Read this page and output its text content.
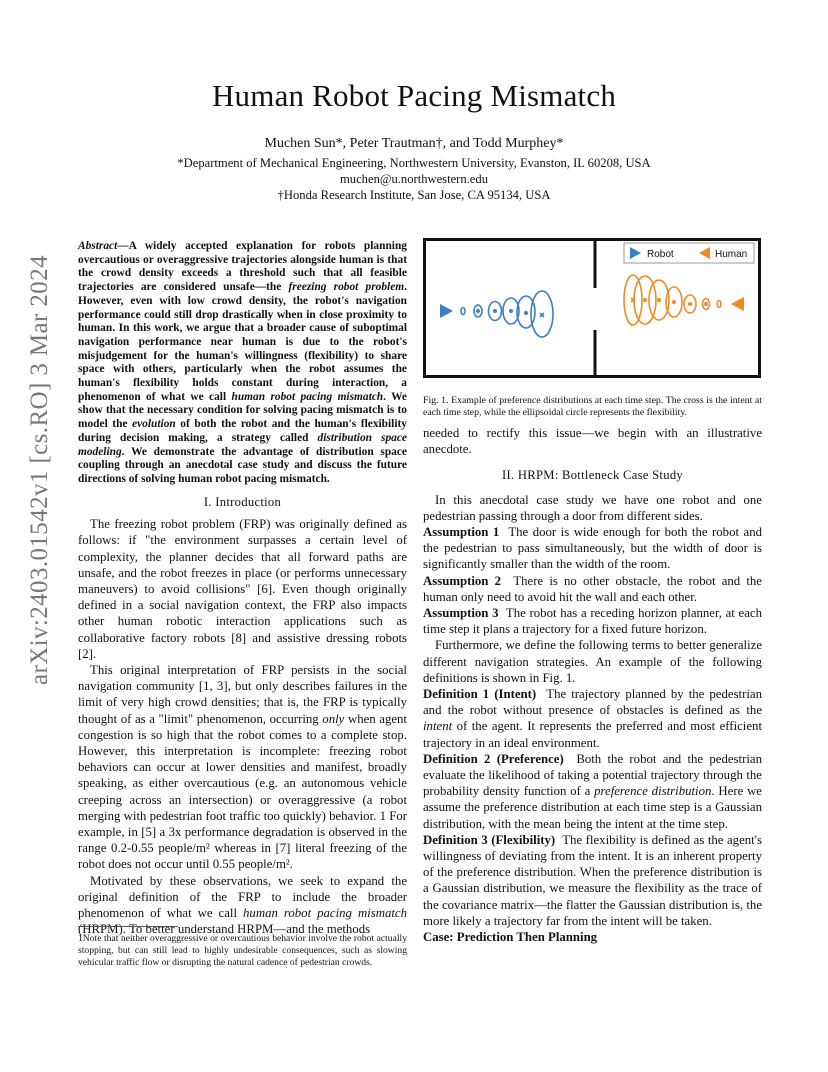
arXiv:2403.01542v1 [cs.RO] 3 Mar 2024
Human Robot Pacing Mismatch
Muchen Sun*, Peter Trautman†, and Todd Murphey*
*Department of Mechanical Engineering, Northwestern University, Evanston, IL 60208, USA
muchen@u.northwestern.edu
†Honda Research Institute, San Jose, CA 95134, USA
Abstract—A widely accepted explanation for robots planning overcautious or overaggressive trajectories alongside human is that the crowd density exceeds a threshold such that all feasible trajectories are considered unsafe—the freezing robot problem. However, even with low crowd density, the robot's navigation performance could still drop drastically when in close proximity to human. In this work, we argue that a broader cause of suboptimal navigation performance near human is due to the robot's misjudgement for the human's willingness (flexibility) to share space with others, particularly when the robot assumes the human's flexibility holds constant during interaction, a phenomenon of what we call human robot pacing mismatch. We show that the necessary condition for solving pacing mismatch is to model the evolution of both the robot and the human's flexibility during decision making, a strategy called distribution space modeling. We demonstrate the advantage of distribution space coupling through an anecdotal case study and discuss the future directions of solving human robot pacing mismatch.
I. Introduction

The freezing robot problem (FRP) was originally defined as follows: if "the environment surpasses a certain level of complexity, the planner decides that all forward paths are unsafe, and the robot freezes in place (or performs unnecessary maneuvers) to avoid collisions" [6]. Even though originally defined in a social navigation context, the FRP also impacts other human robotic interaction applications such as collaborative factory robots [8] and assistive dressing robots [2].

This original interpretation of FRP persists in the social navigation community [1, 3], but only describes failures in the limit of very high crowd densities; that is, the FRP is typically thought of as a "limit" phenomenon, occurring only when agent congestion is so high that the robot comes to a complete stop. However, this interpretation is incomplete: freezing robot behaviors can occur at lower densities and manifest, broadly speaking, as either overcautious (e.g. an autonomous vehicle creeping across an intersection) or overaggressive (a robot merging with pedestrian foot traffic too quickly) behavior. 1 For example, in [5] a 3x performance degradation is observed in the range 0.2-0.55 people/m² whereas in [7] literal freezing of the robot does not occur until 0.55 people/m².

Motivated by these observations, we seek to expand the original definition of the FRP to include the broader phenomenon of what we call human robot pacing mismatch (HRPM). To better understand HRPM—and the methods

1Note that neither overaggressive or overcautious behavior involve the robot actually stopping, but can still lead to highly undesirable consequences, such as slowing vehicular traffic flow or disrupting the natural cadence of pedestrian crowds.
Robot	Human
Fig. 1. Example of preference distributions at each time step. The cross is the intent at each time step, while the ellipsoidal circle represents the flexibility.

needed to rectify this issue—we begin with an illustrative anecdote.

II. HRPM: Bottleneck Case Study

In this anecdotal case study we have one robot and one pedestrian passing through a door from different sides.

Assumption 1 The door is wide enough for both the robot and the pedestrian to pass simultaneously, but the width of door is significantly smaller than the width of the room.

Assumption 2 There is no other obstacle, the robot and the human only need to avoid hit the wall and each other.

Assumption 3 The robot has a receding horizon planner, at each time step it plans a trajectory for a fixed future horizon.

Furthermore, we define the following terms to better generalize different navigation strategies. An example of the following definitions is shown in Fig. 1.

Definition 1 (Intent) The trajectory planned by the pedestrian and the robot without presence of obstacles is defined as the intent of the agent. It represents the preferred and most efficient trajectory in an ideal environment.

Definition 2 (Preference) Both the robot and the pedestrian evaluate the likelihood of taking a potential trajectory through the probability density function of a preference distribution. Here we assume the preference distribution at each time step is a Gaussian distribution, with the mean being the intent at the time step.

Definition 3 (Flexibility) The flexibility is defined as the agent's willingness of deviating from the intent. It is an inherent property of the preference distribution. When the preference distribution is a Gaussian distribution, we measure the flexibility as the trace of the covariance matrix—the flatter the Gaussian distribution is, the more likely a trajectory far from the intent will be taken.

Case: Prediction Then Planning
